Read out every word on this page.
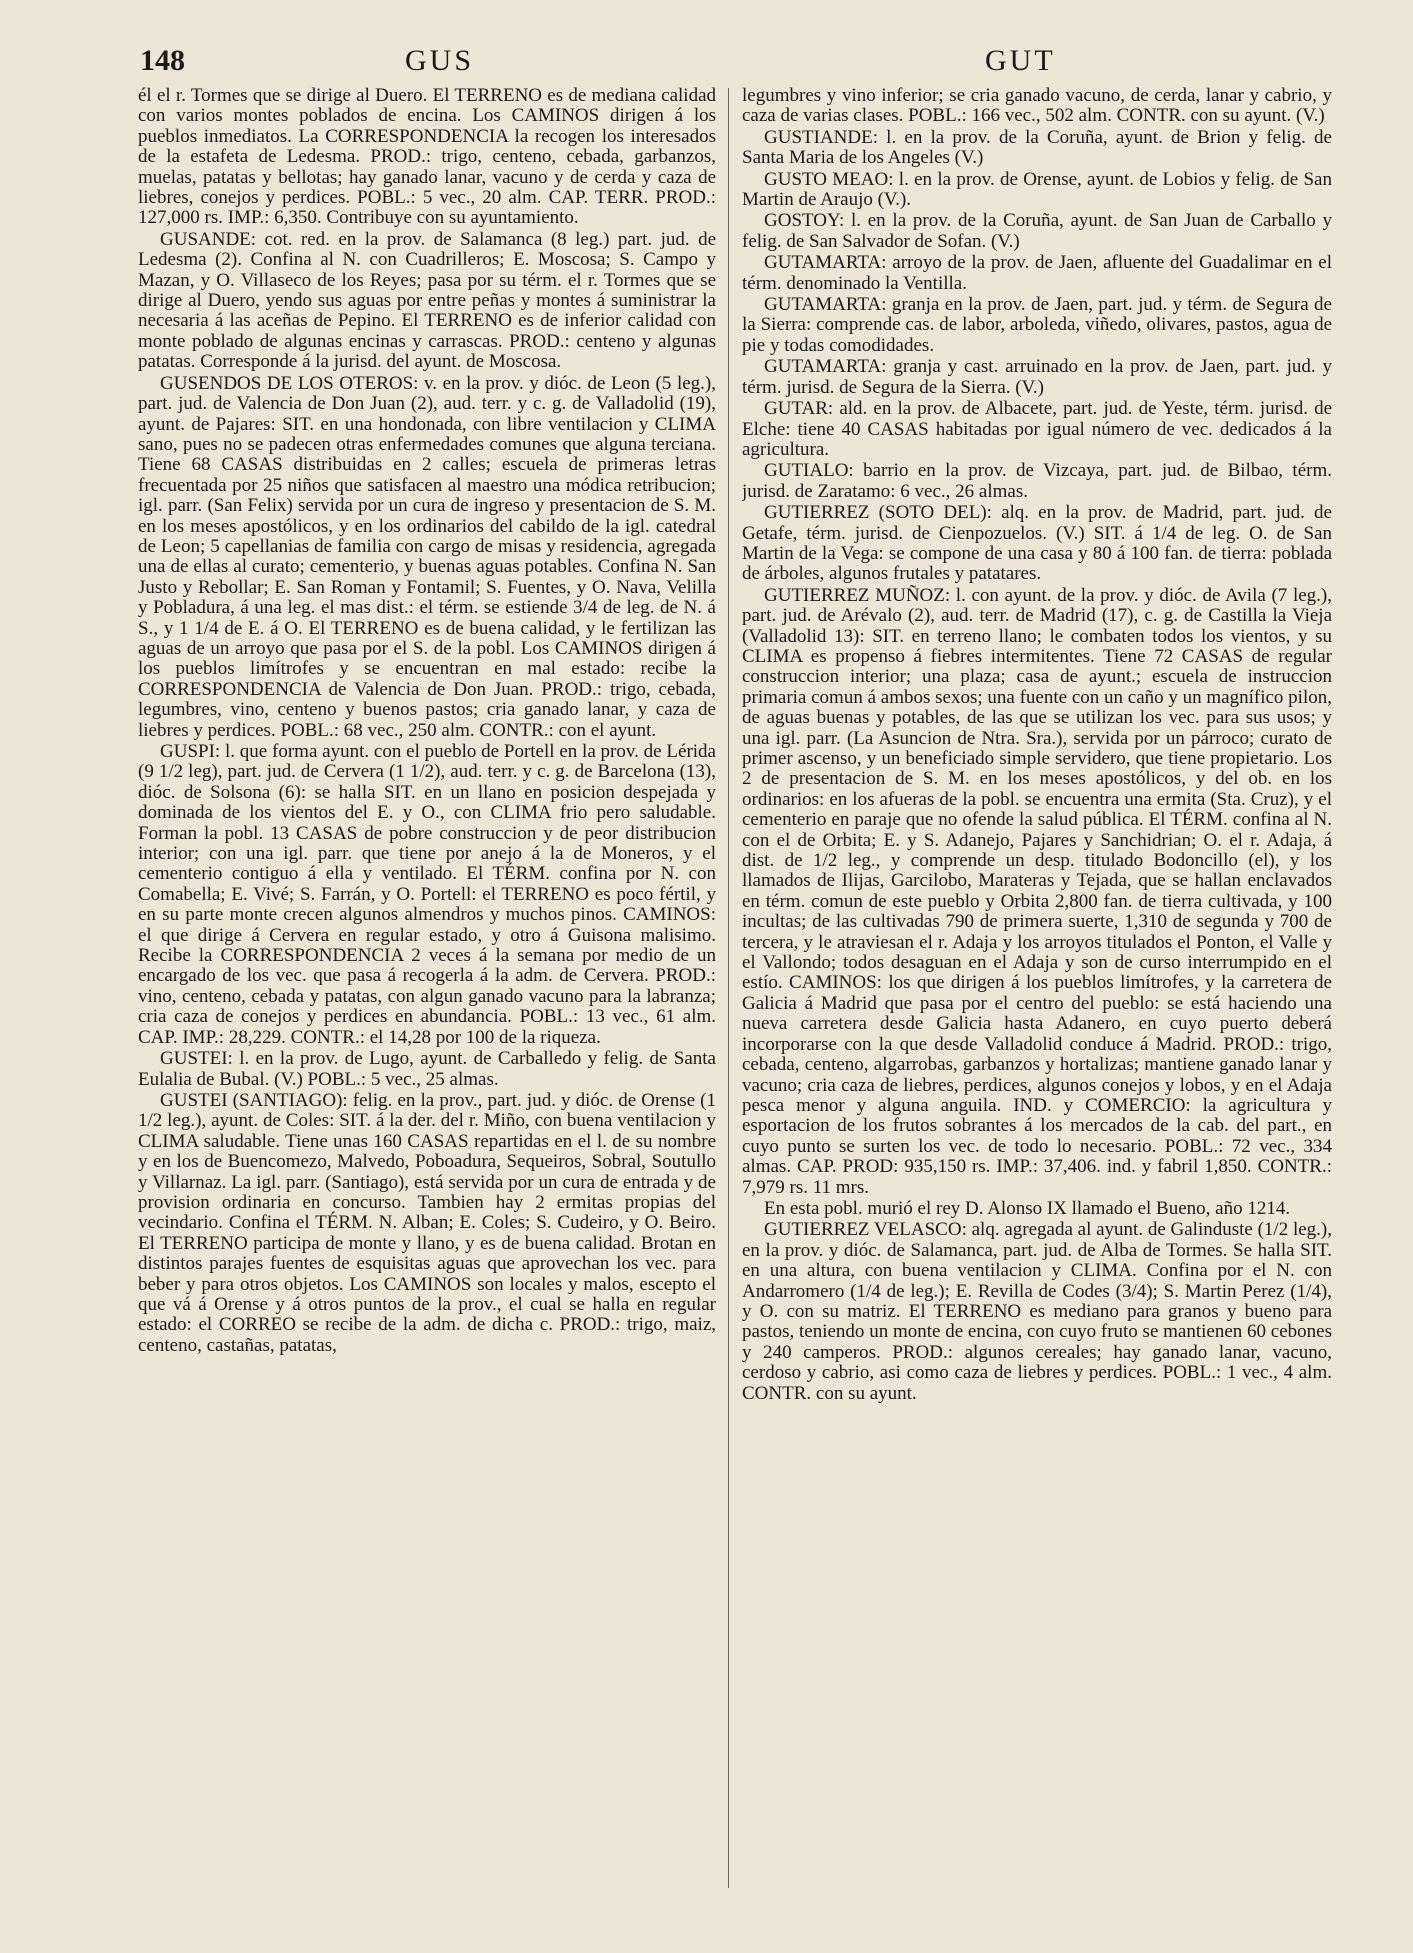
148	GUS	GUT

él el r. Tormes que se dirige al Duero. El TERRENO es de mediana calidad con varios montes poblados de encina. Los CAMINOS dirigen á los pueblos inmediatos. La CORRESPONDENCIA la recogen los interesados de la estafeta de Ledesma. PROD.: trigo, centeno, cebada, garbanzos, muelas, patatas y bellotas; hay ganado lanar, vacuno y de cerda y caza de liebres, conejos y perdices. POBL.: 5 vec., 20 alm. CAP. TERR. PROD.: 127,000 rs. IMP.: 6,350. Contribuye con su ayuntamiento.

GUSANDE: cot. red. en la prov. de Salamanca (8 leg.) part. jud. de Ledesma (2). Confina al N. con Cuadrilleros; E. Moscosa; S. Campo y Mazan, y O. Villaseco de los Reyes; pasa por su térm. el r. Tormes que se dirige al Duero, yendo sus aguas por entre peñas y montes á suministrar la necesaria á las aceñas de Pepino. El TERRENO es de inferior calidad con monte poblado de algunas encinas y carrascas. PROD.: centeno y algunas patatas. Corresponde á la jurisd. del ayunt. de Moscosa.

GUSENDOS DE LOS OTEROS: v. en la prov. y dióc. de Leon (5 leg.), part. jud. de Valencia de Don Juan (2), aud. terr. y c. g. de Valladolid (19), ayunt. de Pajares: SIT. en una hondonada, con libre ventilacion y CLIMA sano, pues no se padecen otras enfermedades comunes que alguna terciana. Tiene 68 CASAS distribuidas en 2 calles; escuela de primeras letras frecuentada por 25 niños que satisfacen al maestro una módica retribucion; igl. parr. (San Felix) servida por un cura de ingreso y presentacion de S. M. en los meses apostólicos, y en los ordinarios del cabildo de la igl. catedral de Leon; 5 capellanias de familia con cargo de misas y residencia, agregada una de ellas al curato; cementerio, y buenas aguas potables. Confina N. San Justo y Rebollar; E. San Roman y Fontamil; S. Fuentes, y O. Nava, Velilla y Pobladura, á una leg. el mas dist.: el térm. se estiende 3/4 de leg. de N. á S., y 1 1/4 de E. á O. El TERRENO es de buena calidad, y le fertilizan las aguas de un arroyo que pasa por el S. de la pobl. Los CAMINOS dirigen á los pueblos limítrofes y se encuentran en mal estado: recibe la CORRESPONDENCIA de Valencia de Don Juan. PROD.: trigo, cebada, legumbres, vino, centeno y buenos pastos; cria ganado lanar, y caza de liebres y perdices. POBL.: 68 vec., 250 alm. CONTR.: con el ayunt.

GUSPI: l. que forma ayunt. con el pueblo de Portell en la prov. de Lérida (9 1/2 leg), part. jud. de Cervera (1 1/2), aud. terr. y c. g. de Barcelona (13), dióc. de Solsona (6): se halla SIT. en un llano en posicion despejada y dominada de los vientos del E. y O., con CLIMA frio pero saludable. Forman la pobl. 13 CASAS de pobre construccion y de peor distribucion interior; con una igl. parr. que tiene por anejo á la de Moneros, y el cementerio contiguo á ella y ventilado. El TÉRM. confina por N. con Comabella; E. Vivé; S. Farrán, y O. Portell: el TERRENO es poco fértil, y en su parte monte crecen algunos almendros y muchos pinos. CAMINOS: el que dirige á Cervera en regular estado, y otro á Guisona malisimo. Recibe la CORRESPONDENCIA 2 veces á la semana por medio de un encargado de los vec. que pasa á recogerla á la adm. de Cervera. PROD.: vino, centeno, cebada y patatas, con algun ganado vacuno para la labranza; cria caza de conejos y perdices en abundancia. POBL.: 13 vec., 61 alm. CAP. IMP.: 28,229. CONTR.: el 14,28 por 100 de la riqueza.

GUSTEI: l. en la prov. de Lugo, ayunt. de Carballedo y felig. de Santa Eulalia de Bubal. (V.) POBL.: 5 vec., 25 almas.

GUSTEI (SANTIAGO): felig. en la prov., part. jud. y dióc. de Orense (1 1/2 leg.), ayunt. de Coles: SIT. á la der. del r. Miño, con buena ventilacion y CLIMA saludable. Tiene unas 160 CASAS repartidas en el l. de su nombre y en los de Buencomezo, Malvedo, Poboadura, Sequeiros, Sobral, Soutullo y Villarnaz. La igl. parr. (Santiago), está servida por un cura de entrada y de provision ordinaria en concurso. Tambien hay 2 ermitas propias del vecindario. Confina el TÉRM. N. Alban; E. Coles; S. Cudeiro, y O. Beiro. El TERRENO participa de monte y llano, y es de buena calidad. Brotan en distintos parajes fuentes de esquisitas aguas que aprovechan los vec. para beber y para otros objetos. Los CAMINOS son locales y malos, escepto el que vá á Orense y á otros puntos de la prov., el cual se halla en regular estado: el CORREO se recibe de la adm. de dicha c. PROD.: trigo, maiz, centeno, castañas, patatas,

legumbres y vino inferior; se cria ganado vacuno, de cerda, lanar y cabrio, y caza de varias clases. POBL.: 166 vec., 502 alm. CONTR. con su ayunt. (V.)

GUSTIANDE: l. en la prov. de la Coruña, ayunt. de Brion y felig. de Santa Maria de los Angeles (V.)

GUSTO MEAO: l. en la prov. de Orense, ayunt. de Lobios y felig. de San Martin de Araujo (V.).

GOSTOY: l. en la prov. de la Coruña, ayunt. de San Juan de Carballo y felig. de San Salvador de Sofan. (V.)

GUTAMARTA: arroyo de la prov. de Jaen, afluente del Guadalimar en el térm. denominado la Ventilla.

GUTAMARTA: granja en la prov. de Jaen, part. jud. y térm. de Segura de la Sierra: comprende cas. de labor, arboleda, viñedo, olivares, pastos, agua de pie y todas comodidades.

GUTAMARTA: granja y cast. arruinado en la prov. de Jaen, part. jud. y térm. jurisd. de Segura de la Sierra. (V.)

GUTAR: ald. en la prov. de Albacete, part. jud. de Yeste, térm. jurisd. de Elche: tiene 40 CASAS habitadas por igual número de vec. dedicados á la agricultura.

GUTIALO: barrio en la prov. de Vizcaya, part. jud. de Bilbao, térm. jurisd. de Zaratamo: 6 vec., 26 almas.

GUTIERREZ (SOTO DEL): alq. en la prov. de Madrid, part. jud. de Getafe, térm. jurisd. de Cienpozuelos. (V.) SIT. á 1/4 de leg. O. de San Martin de la Vega: se compone de una casa y 80 á 100 fan. de tierra: poblada de árboles, algunos frutales y patatares.

GUTIERREZ MUÑOZ: l. con ayunt. de la prov. y dióc. de Avila (7 leg.), part. jud. de Arévalo (2), aud. terr. de Madrid (17), c. g. de Castilla la Vieja (Valladolid 13): SIT. en terreno llano; le combaten todos los vientos, y su CLIMA es propenso á fiebres intermitentes. Tiene 72 CASAS de regular construccion interior; una plaza; casa de ayunt.; escuela de instruccion primaria comun á ambos sexos; una fuente con un caño y un magnífico pilon, de aguas buenas y potables, de las que se utilizan los vec. para sus usos; y una igl. parr. (La Asuncion de Ntra. Sra.), servida por un párroco; curato de primer ascenso, y un beneficiado simple servidero, que tiene propietario. Los 2 de presentacion de S. M. en los meses apostólicos, y del ob. en los ordinarios: en los afueras de la pobl. se encuentra una ermita (Sta. Cruz), y el cementerio en paraje que no ofende la salud pública. El TÉRM. confina al N. con el de Orbita; E. y S. Adanejo, Pajares y Sanchidrian; O. el r. Adaja, á dist. de 1/2 leg., y comprende un desp. titulado Bodoncillo (el), y los llamados de Ilijas, Garcilobo, Marateras y Tejada, que se hallan enclavados en térm. comun de este pueblo y Orbita 2,800 fan. de tierra cultivada, y 100 incultas; de las cultivadas 790 de primera suerte, 1,310 de segunda y 700 de tercera, y le atraviesan el r. Adaja y los arroyos titulados el Ponton, el Valle y el Vallondo; todos desaguan en el Adaja y son de curso interrumpido en el estío. CAMINOS: los que dirigen á los pueblos limítrofes, y la carretera de Galicia á Madrid que pasa por el centro del pueblo: se está haciendo una nueva carretera desde Galicia hasta Adanero, en cuyo puerto deberá incorporarse con la que desde Valladolid conduce á Madrid. PROD.: trigo, cebada, centeno, algarrobas, garbanzos y hortalizas; mantiene ganado lanar y vacuno; cria caza de liebres, perdices, algunos conejos y lobos, y en el Adaja pesca menor y alguna anguila. IND. y COMERCIO: la agricultura y esportacion de los frutos sobrantes á los mercados de la cab. del part., en cuyo punto se surten los vec. de todo lo necesario. POBL.: 72 vec., 334 almas. CAP. PROD: 935,150 rs. IMP.: 37,406. ind. y fabril 1,850. CONTR.: 7,979 rs. 11 mrs.

En esta pobl. murió el rey D. Alonso IX llamado el Bueno, año 1214.

GUTIERREZ VELASCO: alq. agregada al ayunt. de Galinduste (1/2 leg.), en la prov. y dióc. de Salamanca, part. jud. de Alba de Tormes. Se halla SIT. en una altura, con buena ventilacion y CLIMA. Confina por el N. con Andarromero (1/4 de leg.); E. Revilla de Codes (3/4); S. Martin Perez (1/4), y O. con su matriz. El TERRENO es mediano para granos y bueno para pastos, teniendo un monte de encina, con cuyo fruto se mantienen 60 cebones y 240 camperos. PROD.: algunos cereales; hay ganado lanar, vacuno, cerdoso y cabrio, asi como caza de liebres y perdices. POBL.: 1 vec., 4 alm. CONTR. con su ayunt.
